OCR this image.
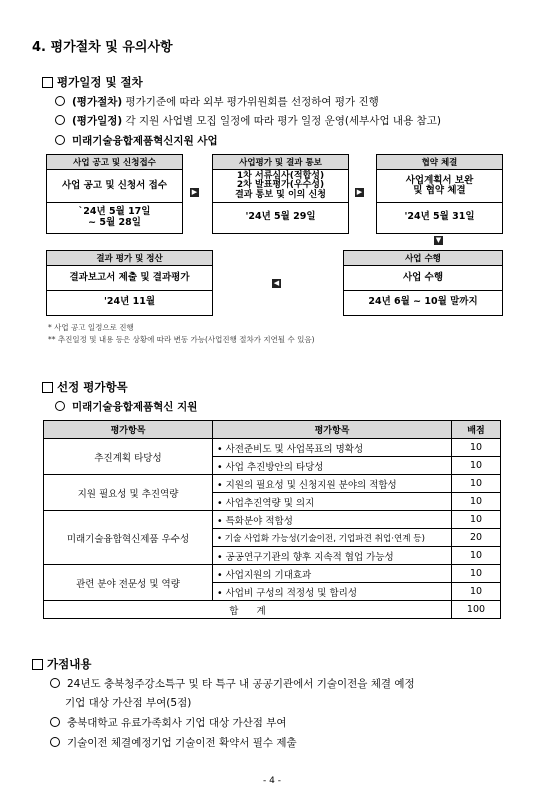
4. 평가절차 및 유의사항
평가일정 및 절차
(평가절차) 평가기준에 따라 외부 평가위원회를 선정하여 평가 진행
(평가일정) 각 지원 사업별 모집 일정에 따라 평가 일정 운영(세부사업 내용 참고)
미래기술융합제품혁신지원 사업
사업 공고 및 신청접수
사업 공고 및 신청서 접수
`24년 5월 17일
~ 5월 28일
▶
사업평가 및 결과 통보
1차 서류심사(적합성)
2차 발표평가(우수성)
결과 통보 및 이의 신청
'24년 5월 29일
▶
협약 체결
사업계획서 보완
및 협약 체결
'24년 5월 31일
▼
결과 평가 및 정산
결과보고서 제출 및 결과평가
'24년 11월
◀
사업 수행
사업 수행
24년 6월 ~ 10월 말까지
* 사업 공고 일정으로 진행
** 추진일정 및 내용 등은 상황에 따라 변동 가능(사업진행 절차가 지연될 수 있음)
선정 평가항목
미래기술융합제품혁신 지원
평가항목	평가항목	배점
추진계획 타당성	• 사전준비도 및 사업목표의 명확성	10
	• 사업 추진방안의 타당성	10
지원 필요성 및 추진역량	• 지원의 필요성 및 신청지원 분야의 적합성	10
	• 사업추진역량 및 의지	10
미래기술융합혁신제품 우수성	• 특화분야 적합성	10
	• 기술 사업화 가능성(기술이전, 기업파견 취업·연계 등)	20
	• 공공연구기관의 향후 지속적 협업 가능성	10
관련 분야 전문성 및 역량	• 사업지원의 기대효과	10
	• 사업비 구성의 적정성 및 합리성	10
합      계		100
가점내용
24년도 충북청주강소특구 및 타 특구 내 공공기관에서 기술이전을 체결 예정
기업 대상 가산점 부여(5점)
충북대학교 유료가족회사 기업 대상 가산점 부여
기술이전 체결예정기업 기술이전 확약서 필수 제출
- 4 -
